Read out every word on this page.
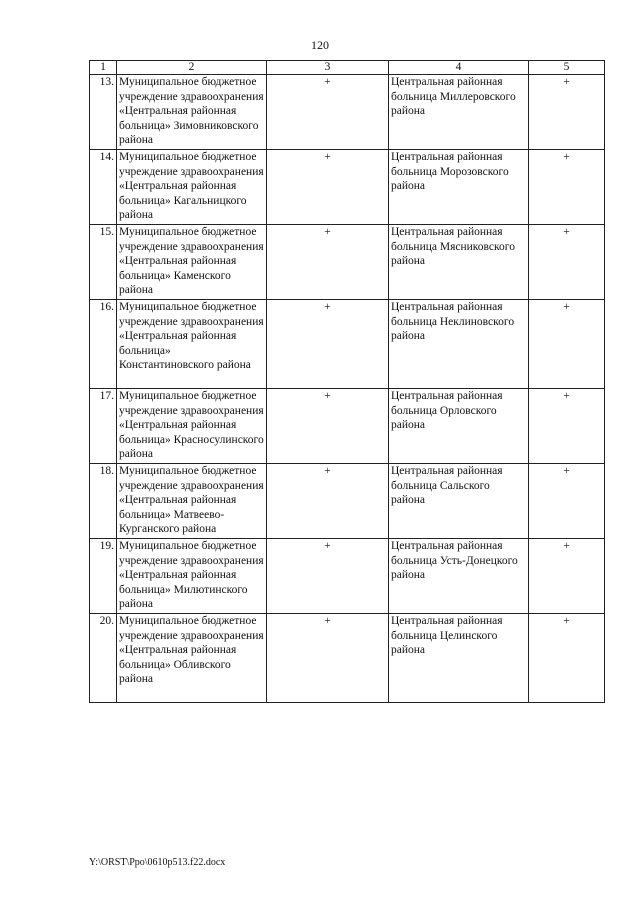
120
1	2	3	4	5
13.	Муниципальное бюджетное учреждение здравоохранения «Центральная районная больница» Зимовниковского района	+	Центральная районная больница Миллеровского района	+
14.	Муниципальное бюджетное учреждение здравоохранения «Центральная районная больница» Кагальницкого района	+	Центральная районная больница Морозовского района	+
15.	Муниципальное бюджетное учреждение здравоохранения «Центральная районная больница» Каменского района	+	Центральная районная больница Мясниковского района	+
16.	Муниципальное бюджетное учреждение здравоохранения «Центральная районная больница» Константиновского района	+	Центральная районная больница Неклиновского района	+
17.	Муниципальное бюджетное учреждение здравоохранения «Центральная районная больница» Красносулинского района	+	Центральная районная больница Орловского района	+
18.	Муниципальное бюджетное учреждение здравоохранения «Центральная районная больница» Матвеево-Курганского района	+	Центральная районная больница Сальского района	+
19.	Муниципальное бюджетное учреждение здравоохранения «Центральная районная больница» Милютинского района	+	Центральная районная больница Усть-Донецкого района	+
20.	Муниципальное бюджетное учреждение здравоохранения «Центральная районная больница» Обливского района	+	Центральная районная больница Целинского района	+
Y:\ORST\Ppo\0610p513.f22.docx
